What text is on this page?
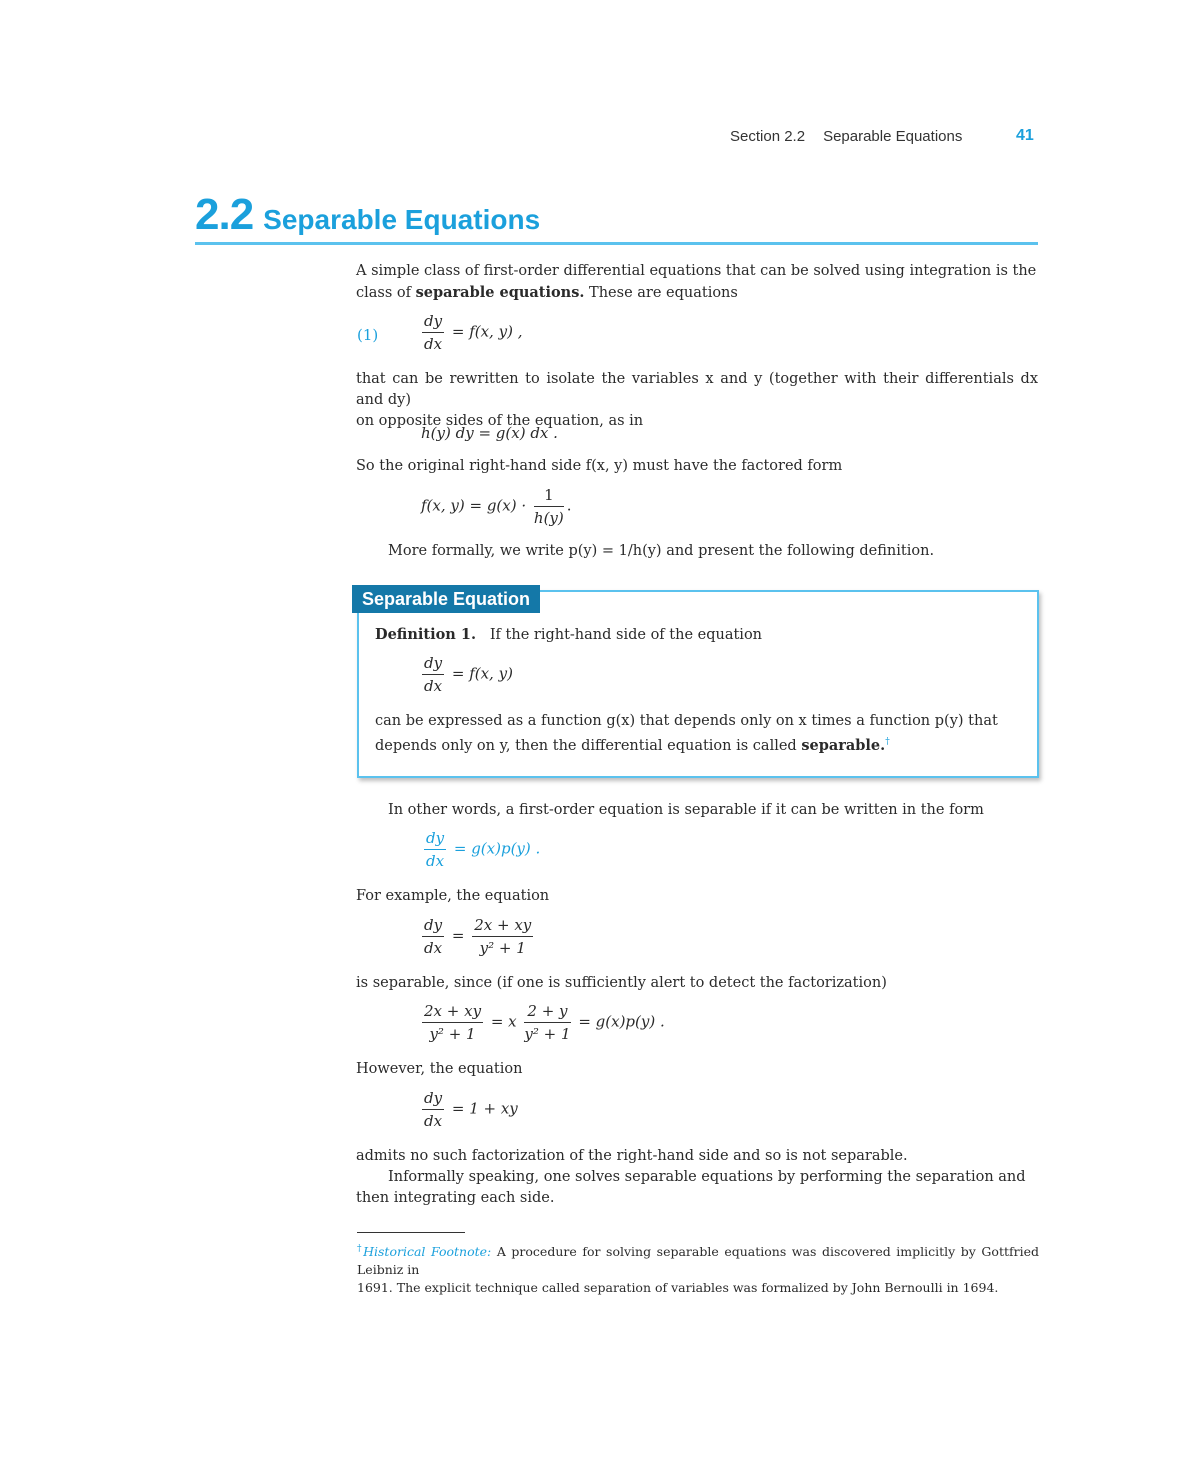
Section 2.2 Separable Equations	41
2.2 Separable Equations
A simple class of first-order differential equations that can be solved using integration is the
class of separable equations. These are equations
(1)	$\frac{dy}{dx} = f(x$, y) ,
that can be rewritten to isolate the variables x and y (together with their differentials dx and dy)
on opposite sides of the equation, as in
h(y) dy = g(x) dx .
So the original right-hand side f(x, y) must have the factored form
f(x, $y) = g(x) \cdot \frac{1}{h(y)}$ .
More formally, we write p(y) = 1/h(y) and present the following definition.
Separable Equation
Definition 1. If the right-hand side of the equation
$\frac{dy}{dx} = f(x$, y)
can be expressed as a function g(x) that depends only on x times a function p(y) that
depends only on y, then the differential equation is called separable.†
In other words, a first-order equation is separable if it can be written in the form
$\frac{dy}{dx} = g(x)p(y)$ .
For example, the equation
$\frac{dy}{dx} = \frac{2x + xy}{\text{y² + 1}}$
is separable, since (if one is sufficiently alert to detect the factorization)
$\frac{2x + xy}{\text{y² + 1}} = x \frac{2 + y}{\text{y² + 1}} = g(x)p(y)$ .
However, the equation
$\frac{dy}{dx} = 1$ + xy
admits no such factorization of the right-hand side and so is not separable.
Informally speaking, one solves separable equations by performing the separation and
then integrating each side.
†Historical Footnote: A procedure for solving separable equations was discovered implicitly by Gottfried Leibniz in
1691. The explicit technique called separation of variables was formalized by John Bernoulli in 1694.
